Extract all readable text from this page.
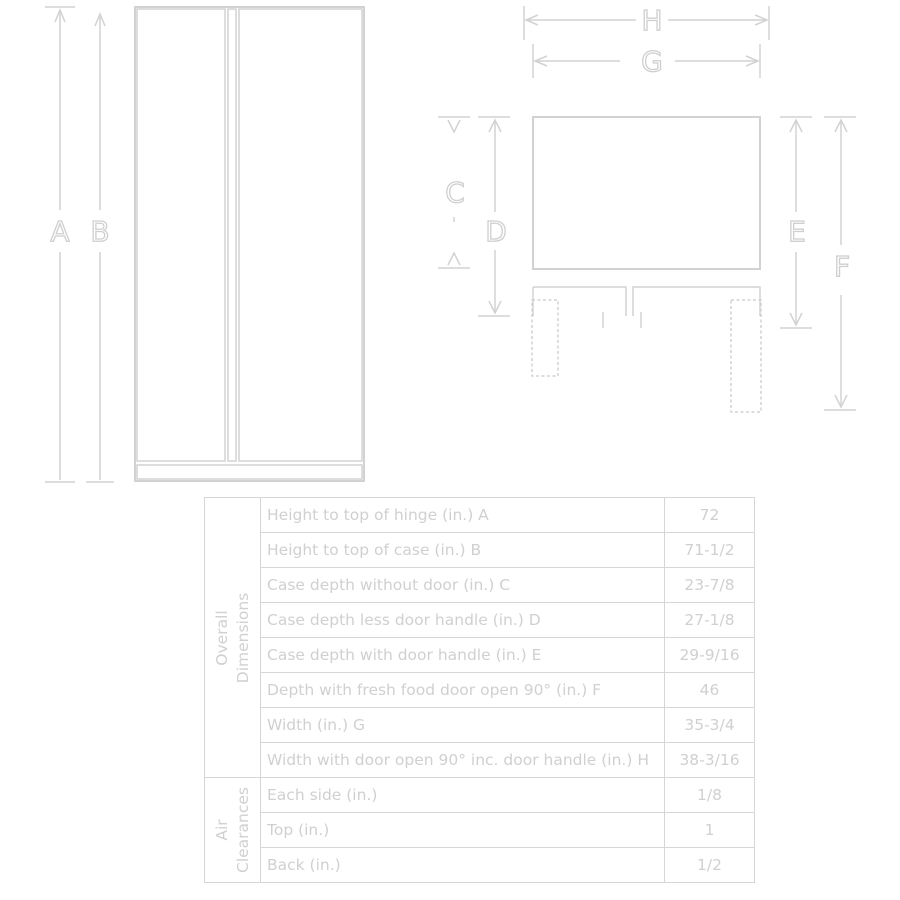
A B
H
G
C
D	E
F
Overall Dimensions	Height to top of hinge (in.) A	72
	Height to top of case (in.) B	71-1/2
	Case depth without door (in.) C	23-7/8
	Case depth less door handle (in.) D	27-1/8
	Case depth with door handle (in.) E	29-9/16
	Depth with fresh food door open 90° (in.) F	46
	Width (in.) G	35-3/4
	Width with door open 90° inc. door handle (in.) H	38-3/16

Air Clearances	Each side (in.)	1/8
	Top (in.)	1
	Back (in.)	1/2
